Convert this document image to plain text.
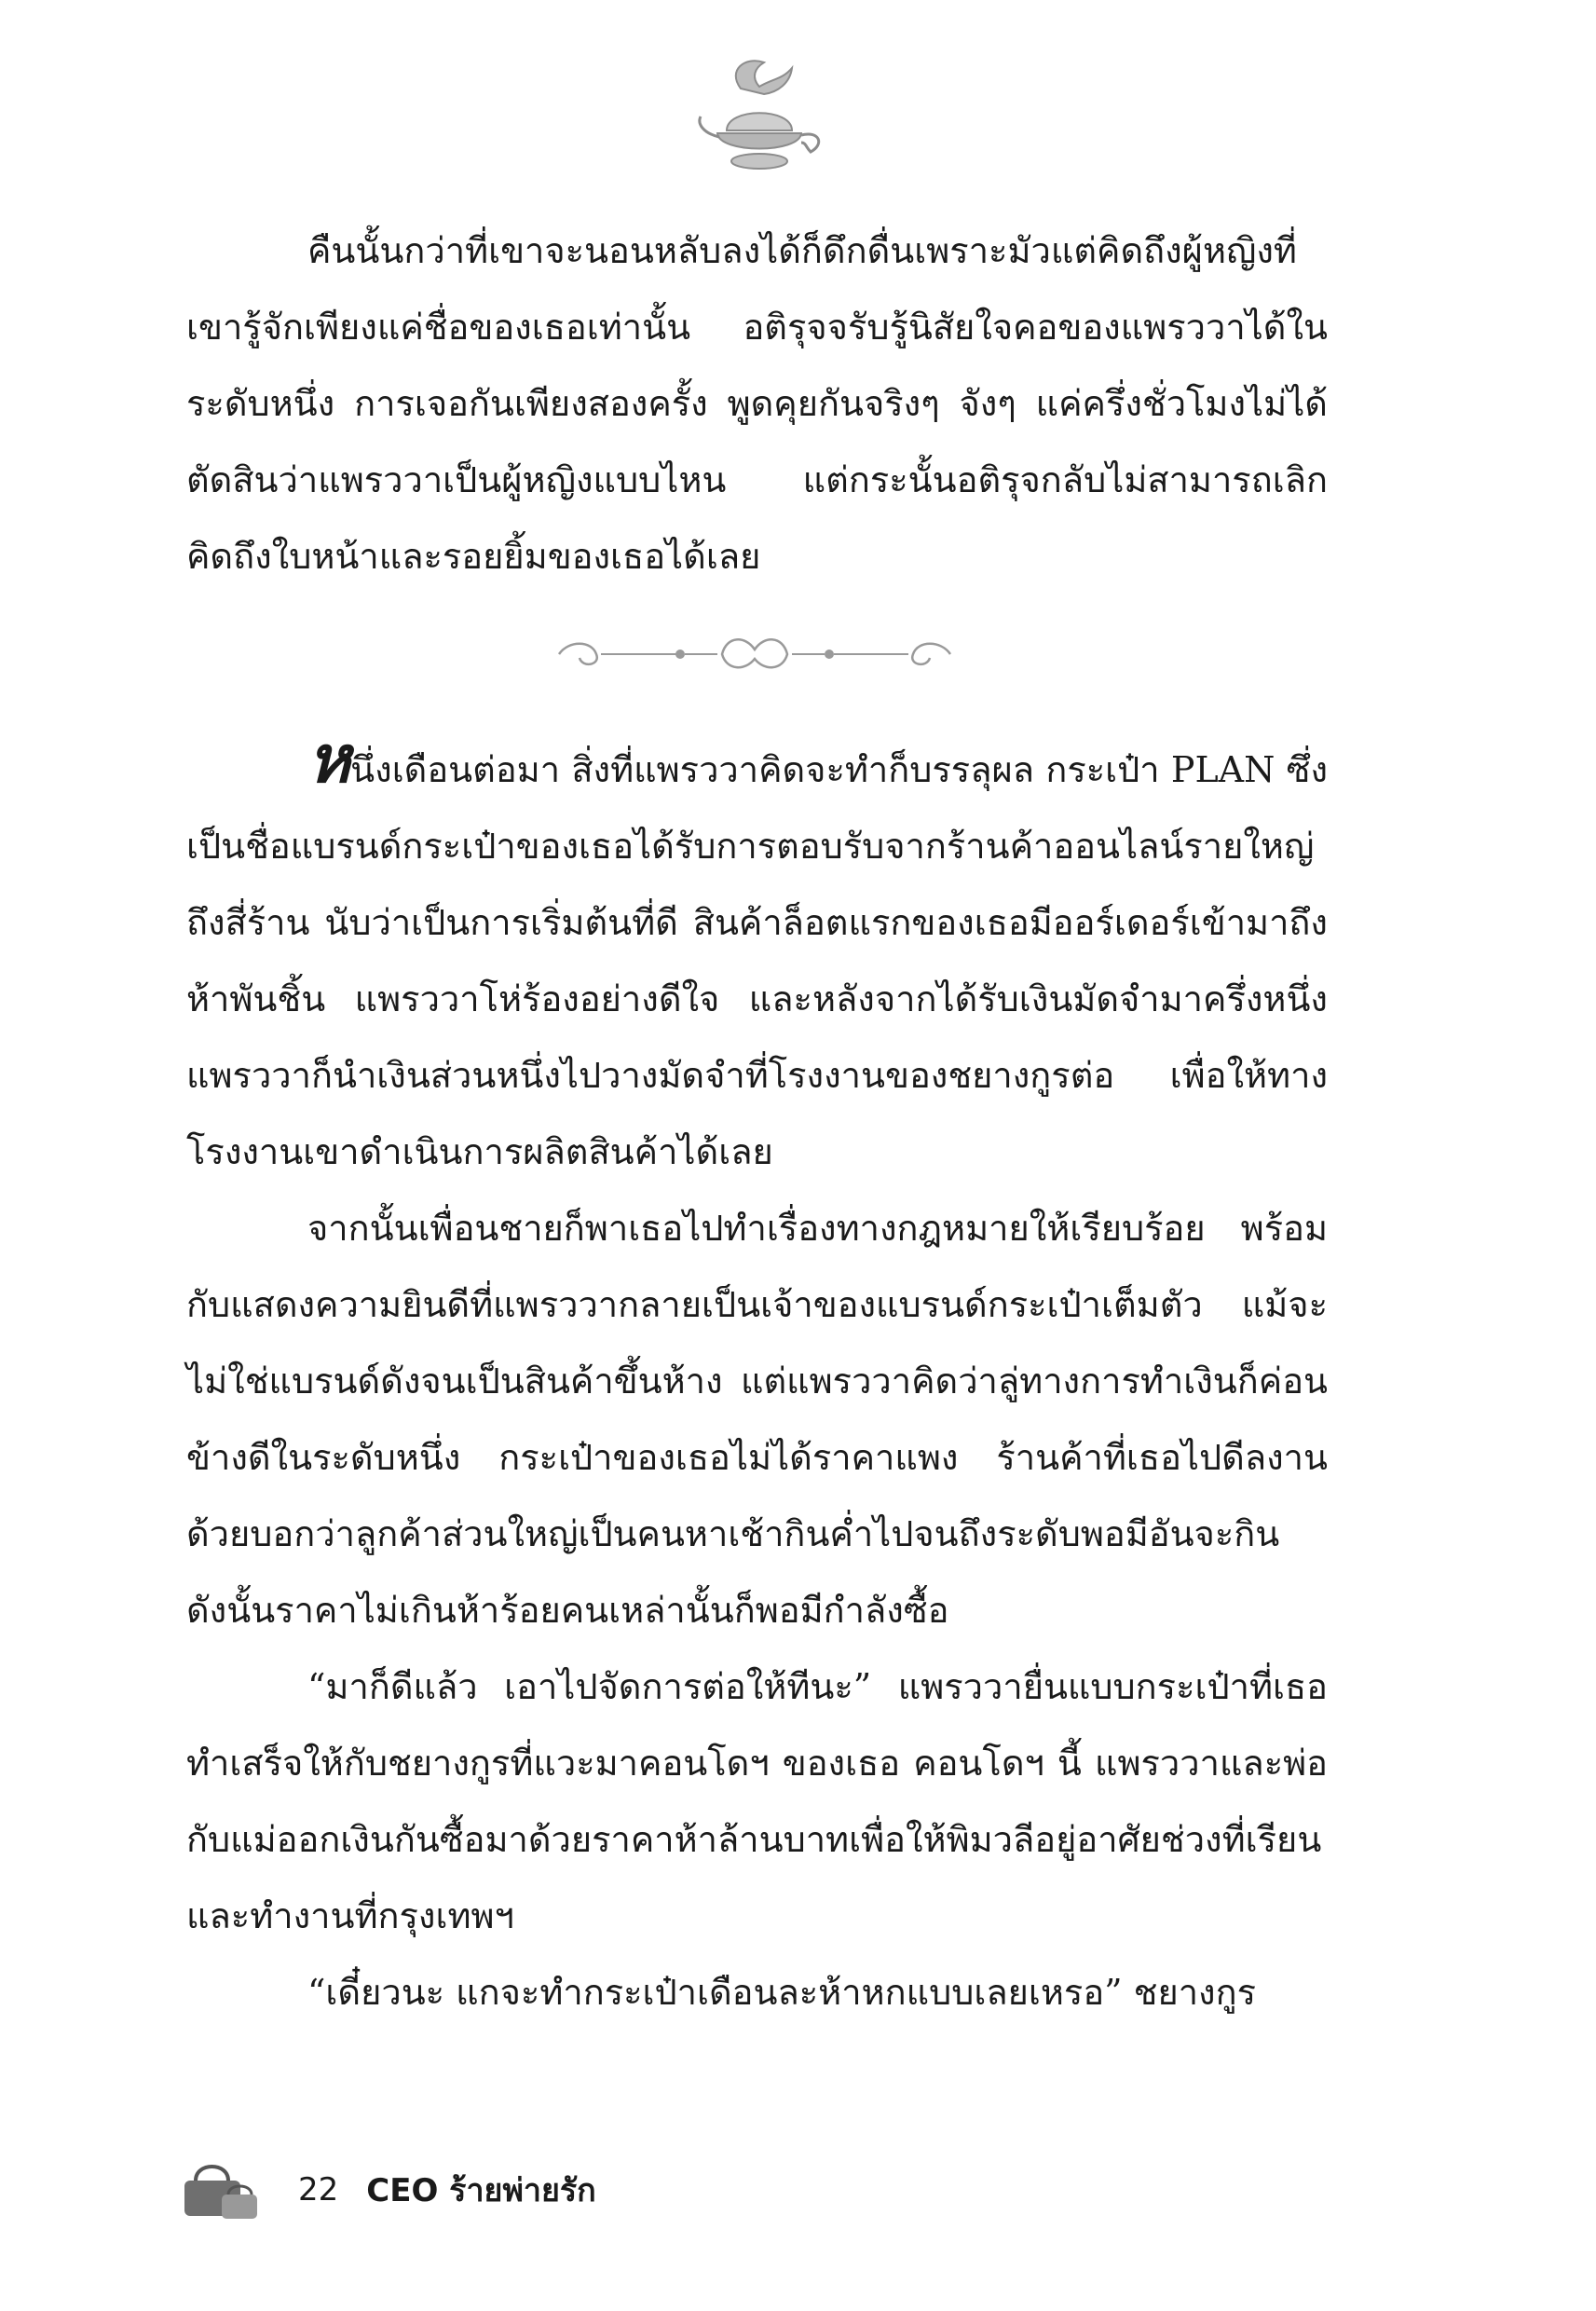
คืนนั้นกว่าที่เขาจะนอนหลับลงได้ก็ดึกดื่นเพราะมัวแต่คิดถึงผู้หญิงที่เขารู้จักเพียงแค่ชื่อของเธอเท่านั้น อติรุจจรับรู้นิสัยใจคอของแพรววาได้ในระดับหนึ่ง การเจอกันเพียงสองครั้ง พูดคุยกันจริงๆ จังๆ แค่ครึ่งชั่วโมงไม่ได้ตัดสินว่าแพรววาเป็นผู้หญิงแบบไหน แต่กระนั้นอติรุจกลับไม่สามารถเลิกคิดถึงใบหน้าและรอยยิ้มของเธอได้เลย

หนึ่งเดือนต่อมา สิ่งที่แพรววาคิดจะทำก็บรรลุผล กระเป๋า PLAN ซึ่งเป็นชื่อแบรนด์กระเป๋าของเธอได้รับการตอบรับจากร้านค้าออนไลน์รายใหญ่ถึงสี่ร้าน นับว่าเป็นการเริ่มต้นที่ดี สินค้าล็อตแรกของเธอมีออร์เดอร์เข้ามาถึงห้าพันชิ้น แพรววาโห่ร้องอย่างดีใจ และหลังจากได้รับเงินมัดจำมาครึ่งหนึ่ง แพรววาก็นำเงินส่วนหนึ่งไปวางมัดจำที่โรงงานของชยางกูรต่อ เพื่อให้ทางโรงงานเขาดำเนินการผลิตสินค้าได้เลย

จากนั้นเพื่อนชายก็พาเธอไปทำเรื่องทางกฎหมายให้เรียบร้อย พร้อมกับแสดงความยินดีที่แพรววากลายเป็นเจ้าของแบรนด์กระเป๋าเต็มตัว แม้จะไม่ใช่แบรนด์ดังจนเป็นสินค้าขึ้นห้าง แต่แพรววาคิดว่าลู่ทางการทำเงินก็ค่อนข้างดีในระดับหนึ่ง กระเป๋าของเธอไม่ได้ราคาแพง ร้านค้าที่เธอไปดีลงานด้วยบอกว่าลูกค้าส่วนใหญ่เป็นคนหาเช้ากินค่ำไปจนถึงระดับพอมีอันจะกิน ดังนั้นราคาไม่เกินห้าร้อยคนเหล่านั้นก็พอมีกำลังซื้อ

“มาก็ดีแล้ว เอาไปจัดการต่อให้ทีนะ” แพรววายื่นแบบกระเป๋าที่เธอทำเสร็จให้กับชยางกูรที่แวะมาคอนโดฯ ของเธอ คอนโดฯ นี้ แพรววาและพ่อกับแม่ออกเงินกันซื้อมาด้วยราคาห้าล้านบาทเพื่อให้พิมวลีอยู่อาศัยช่วงที่เรียนและทำงานที่กรุงเทพฯ

“เดี๋ยวนะ แกจะทำกระเป๋าเดือนละห้าหกแบบเลยเหรอ” ชยางกูร

22 CEO ร้ายพ่ายรัก
